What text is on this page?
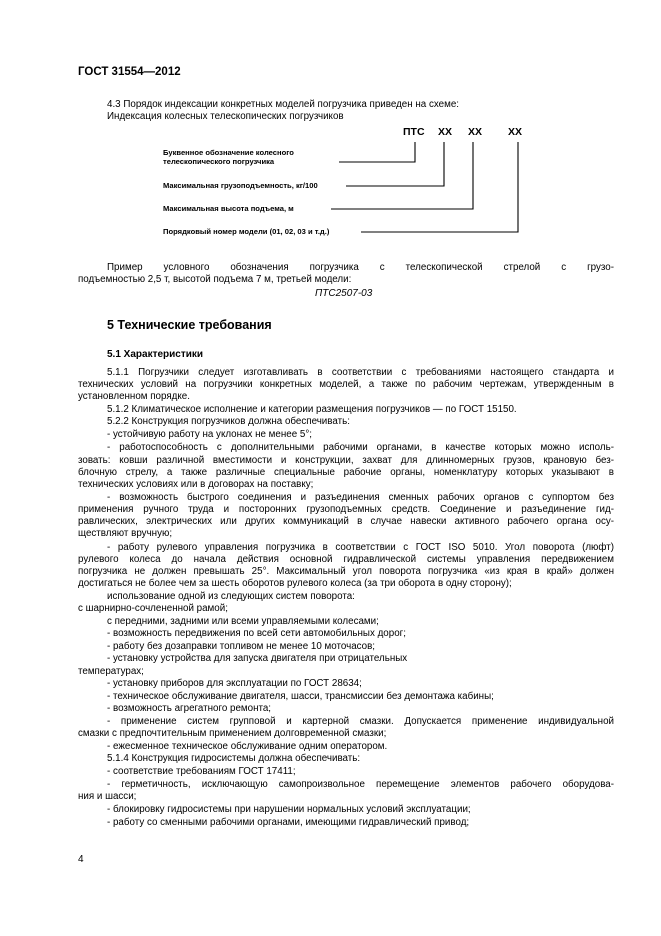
ГОСТ 31554—2012
4.3 Порядок индексации конкретных моделей погрузчика приведен на схеме:
Индексация колесных телескопических погрузчиков
ПТС ХХ ХХ ХХ
Буквенное обозначение колесного
телескопического погрузчика
Максимальная грузоподъемность, кг/100
Максимальная высота подъема, м
Порядковый номер модели (01, 02, 03 и т.д.)
Пример условного обозначения погрузчика с телескопической стрелой с грузо-
подъемностью 2,5 т, высотой подъема 7 м, третьей модели:
ПТС2507-03
5 Технические требования
5.1 Характеристики
5.1.1 Погрузчики следует изготавливать в соответствии с требованиями настоящего стандарта и
технических условий на погрузчики конкретных моделей, а также по рабочим чертежам, утвержденным в
установленном порядке.
5.1.2 Климатическое исполнение и категории размещения погрузчиков — по ГОСТ 15150.
5.2.2 Конструкция погрузчиков должна обеспечивать:
- устойчивую работу на уклонах не менее 5°;
- работоспособность с дополнительными рабочими органами, в качестве которых можно исполь-
зовать: ковши различной вместимости и конструкции, захват для длинномерных грузов, крановую без-
блочную стрелу, а также различные специальные рабочие органы, номенклатуру которых указывают в
технических условиях или в договорах на поставку;
- возможность быстрого соединения и разъединения сменных рабочих органов с суппортом без
применения ручного труда и посторонних грузоподъемных средств. Соединение и разъединение гид-
равлических, электрических или других коммуникаций в случае навески активного рабочего органа осу-
ществляют вручную;
- работу рулевого управления погрузчика в соответствии с ГОСТ ISO 5010. Угол поворота (люфт)
рулевого колеса до начала действия основной гидравлической системы управления передвижением
погрузчика не должен превышать 25°. Максимальный угол поворота погрузчика «из края в край» должен
достигаться не более чем за шесть оборотов рулевого колеса (за три оборота в одну сторону);
использование одной из следующих систем поворота:
с шарнирно-сочлененной рамой;
с передними, задними или всеми управляемыми колесами;
- возможность передвижения по всей сети автомобильных дорог;
- работу без дозаправки топливом не менее 10 моточасов;
- установку устройства для запуска двигателя при отрицательных
температурах;
- установку приборов для эксплуатации по ГОСТ 28634;
- техническое обслуживание двигателя, шасси, трансмиссии без демонтажа кабины;
- возможность агрегатного ремонта;
- применение систем групповой и картерной смазки. Допускается применение индивидуальной
смазки с предпочтительным применением долговременной смазки;
- ежесменное техническое обслуживание одним оператором.
5.1.4 Конструкция гидросистемы должна обеспечивать:
- соответствие требованиям ГОСТ 17411;
- герметичность, исключающую самопроизвольное перемещение элементов рабочего оборудова-
ния и шасси;
- блокировку гидросистемы при нарушении нормальных условий эксплуатации;
- работу со сменными рабочими органами, имеющими гидравлический привод;
4
